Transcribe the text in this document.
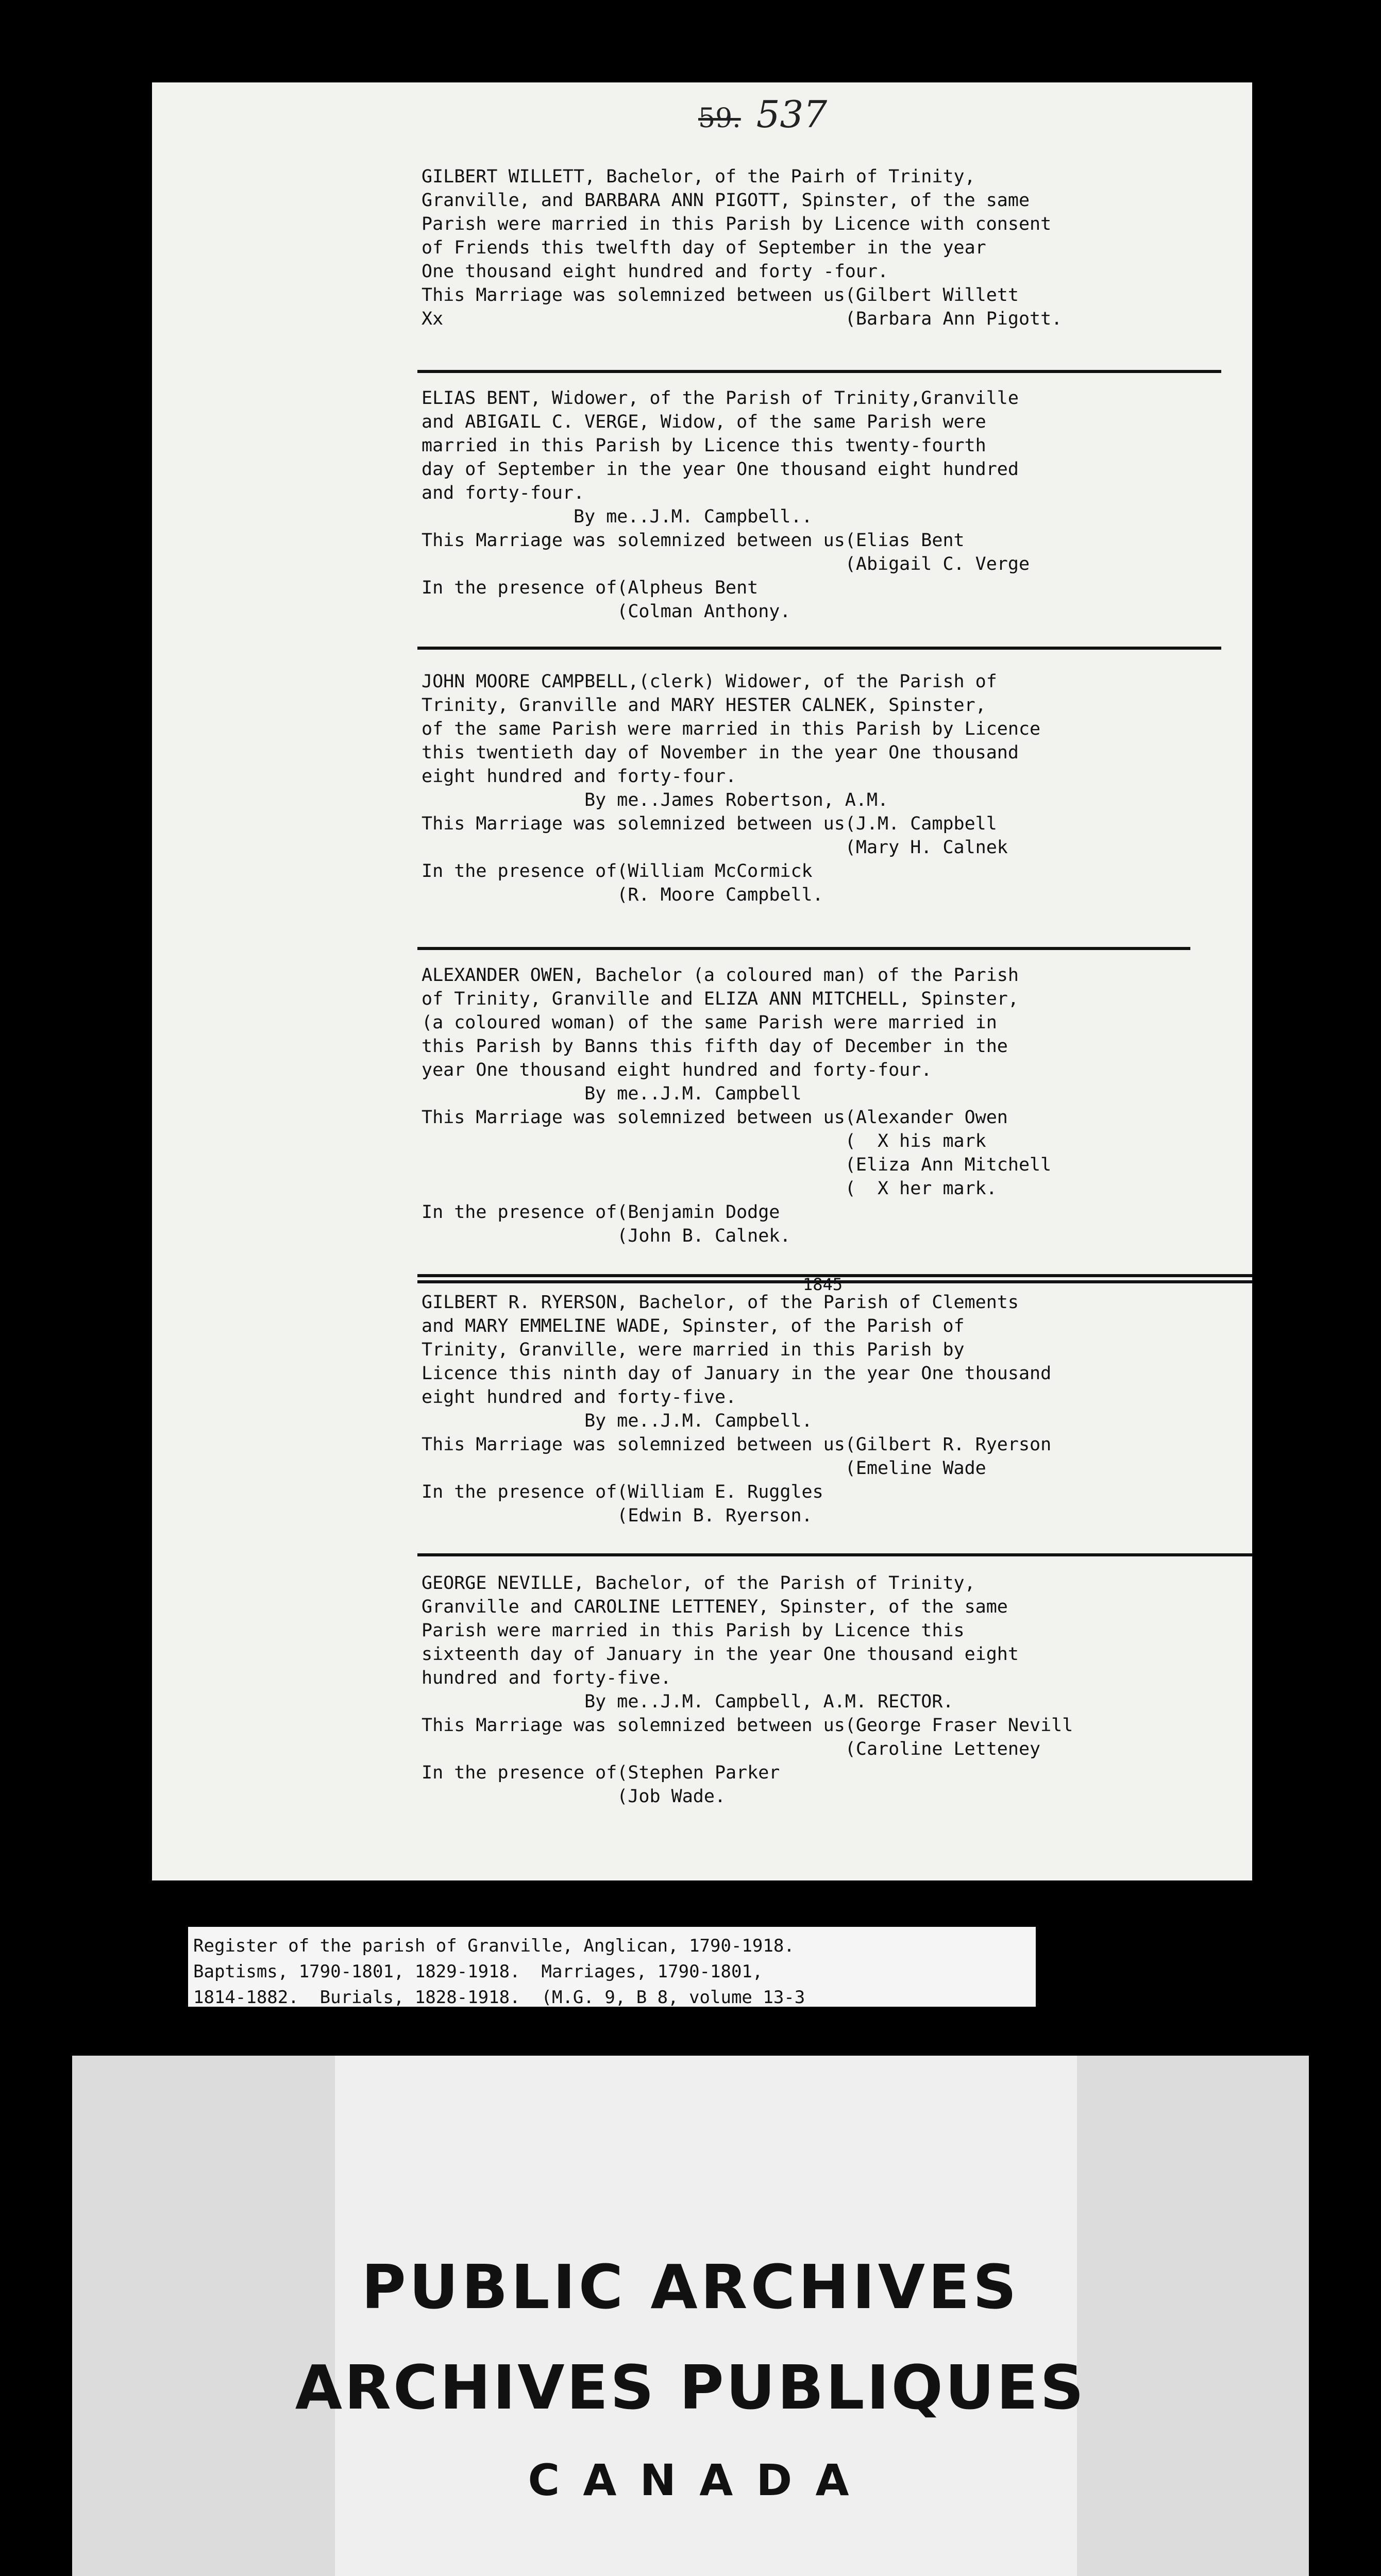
59. 537

GILBERT WILLETT, Bachelor, of the Pairh of Trinity,

Granville, and BARBARA ANN PIGOTT, Spinster, of the same

Parish were married in this Parish by Licence with consent

of Friends this twelfth day of September in the year

One thousand eight hundred and forty -four.

This Marriage was solemnized between us(Gilbert Willett

Xx                                     (Barbara Ann Pigott.

ELIAS BENT, Widower, of the Parish of Trinity,Granville

and ABIGAIL C. VERGE, Widow, of the same Parish were

married in this Parish by Licence this twenty-fourth

day of September in the year One thousand eight hundred

and forty-four.

By me..J.M. Campbell..

This Marriage was solemnized between us(Elias Bent

(Abigail C. Verge

In the presence of(Alpheus Bent

(Colman Anthony.

JOHN MOORE CAMPBELL,(clerk) Widower, of the Parish of

Trinity, Granville and MARY HESTER CALNEK, Spinster,

of the same Parish were married in this Parish by Licence

this twentieth day of November in the year One thousand

eight hundred and forty-four.

By me..James Robertson, A.M.

This Marriage was solemnized between us(J.M. Campbell

(Mary H. Calnek

In the presence of(William McCormick

(R. Moore Campbell.

ALEXANDER OWEN, Bachelor (a coloured man) of the Parish

of Trinity, Granville and ELIZA ANN MITCHELL, Spinster,

(a coloured woman) of the same Parish were married in

this Parish by Banns this fifth day of December in the

year One thousand eight hundred and forty-four.

By me..J.M. Campbell

This Marriage was solemnized between us(Alexander Owen

(  X his mark

(Eliza Ann Mitchell

(  X her mark.

In the presence of(Benjamin Dodge

(John B. Calnek.

1845

GILBERT R. RYERSON, Bachelor, of the Parish of Clements

and MARY EMMELINE WADE, Spinster, of the Parish of

Trinity, Granville, were married in this Parish by

Licence this ninth day of January in the year One thousand

eight hundred and forty-five.

By me..J.M. Campbell.

This Marriage was solemnized between us(Gilbert R. Ryerson

(Emeline Wade

In the presence of(William E. Ruggles

(Edwin B. Ryerson.

GEORGE NEVILLE, Bachelor, of the Parish of Trinity,

Granville and CAROLINE LETTENEY, Spinster, of the same

Parish were married in this Parish by Licence this

sixteenth day of January in the year One thousand eight

hundred and forty-five.

By me..J.M. Campbell, A.M. RECTOR.

This Marriage was solemnized between us(George Fraser Nevill

(Caroline Letteney

In the presence of(Stephen Parker

(Job Wade.

PUBLIC ARCHIVES
ARCHIVES PUBLIQUES
C A N A D A

Register of the parish of Granville, Anglican, 1790-1918.

Baptisms, 1790-1801, 1829-1918.  Marriages, 1790-1801,

1814-1882.  Burials, 1828-1918.  (M.G. 9, B 8, volume 13-3
